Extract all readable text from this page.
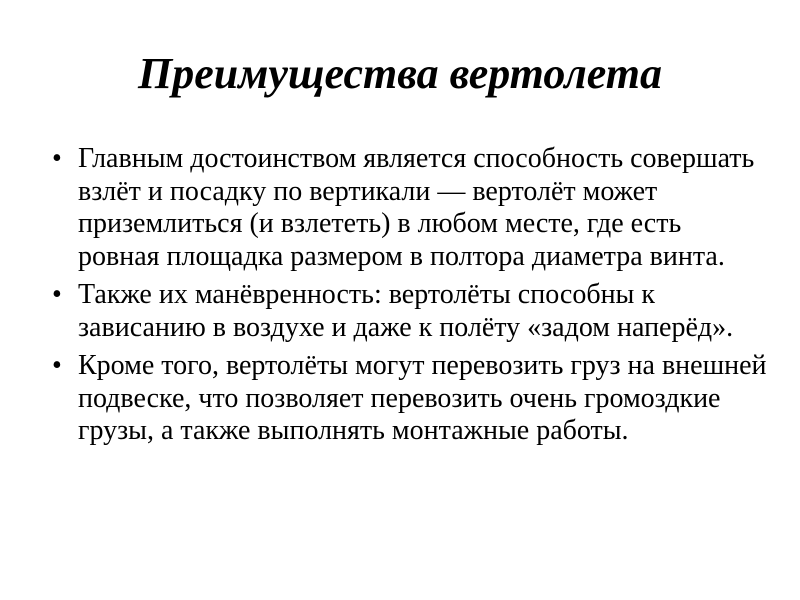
Преимущества вертолета
• Главным достоинством является способность совершать взлёт и посадку по вертикали — вертолёт может приземлиться (и взлететь) в любом месте, где есть ровная площадка размером в полтора диаметра винта.
• Также их манёвренность: вертолёты способны к зависанию в воздухе и даже к полёту «задом наперёд».
• Кроме того, вертолёты могут перевозить груз на внешней подвеске, что позволяет перевозить очень громоздкие грузы, а также выполнять монтажные работы.
